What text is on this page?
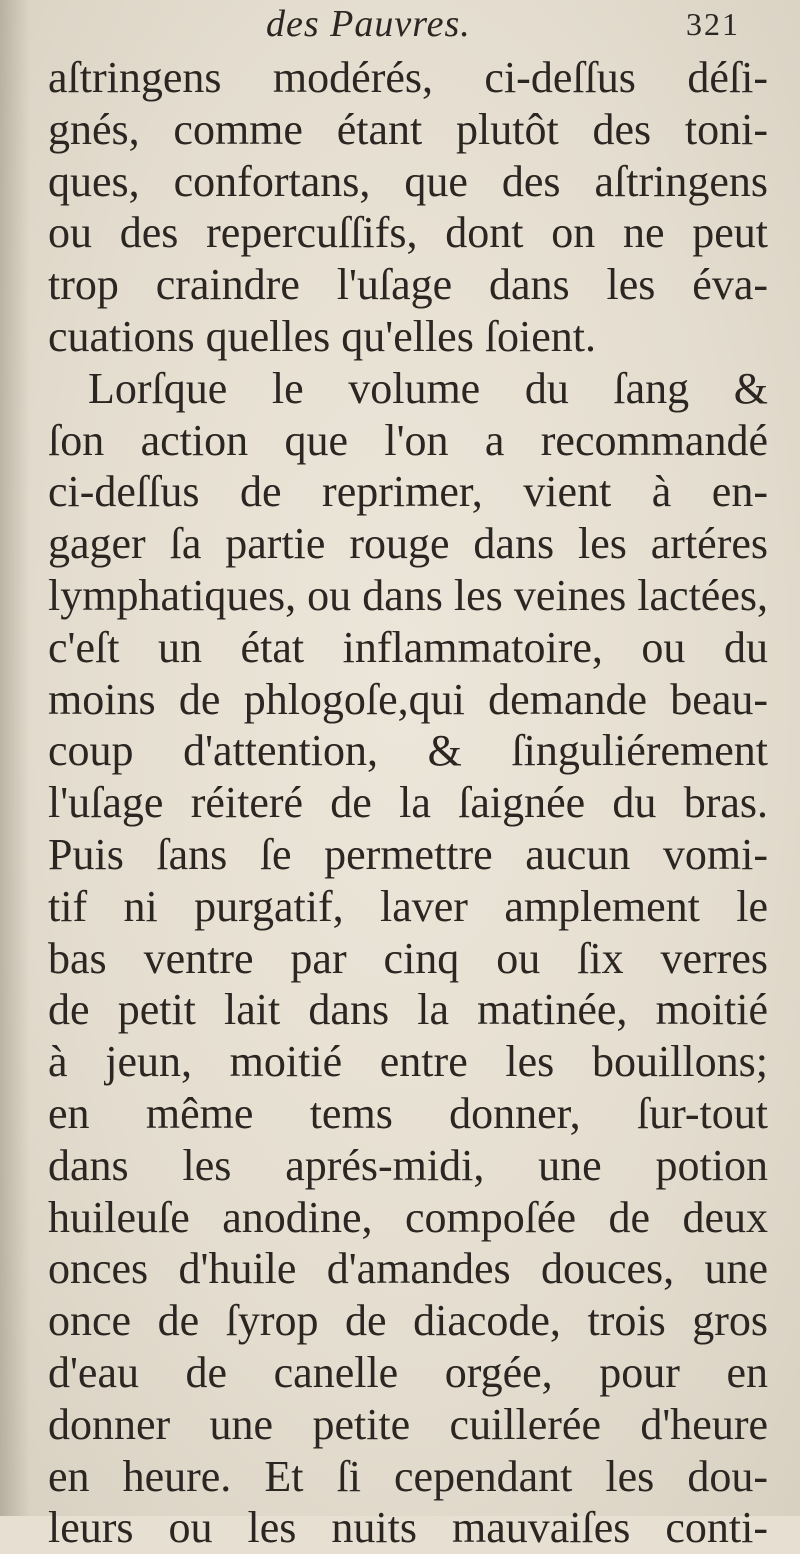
des Pauvres.	321
aſtringens modérés, ci-deſſus déſi-
gnés, comme étant plutôt des toni-
ques, confortans, que des aſtringens
ou des repercuſſifs, dont on ne peut
trop craindre l'uſage dans les éva-
cuations quelles qu'elles ſoient.
Lorſque le volume du ſang &
ſon action que l'on a recommandé
ci-deſſus de reprimer, vient à en-
gager ſa partie rouge dans les artéres
lymphatiques, ou dans les veines lactées,
c'eſt un état inflammatoire, ou du
moins de phlogoſe,qui demande beau-
coup d'attention, & ſinguliérement
l'uſage réiteré de la ſaignée du bras.
Puis ſans ſe permettre aucun vomi-
tif ni purgatif, laver amplement le
bas ventre par cinq ou ſix verres
de petit lait dans la matinée, moitié
à jeun, moitié entre les bouillons;
en même tems donner, ſur-tout
dans les aprés-midi, une potion
huileuſe anodine, compoſée de deux
onces d'huile d'amandes douces, une
once de ſyrop de diacode, trois gros
d'eau de canelle orgée, pour en
donner une petite cuillerée d'heure
en heure. Et ſi cependant les dou-
leurs ou les nuits mauvaiſes conti-
